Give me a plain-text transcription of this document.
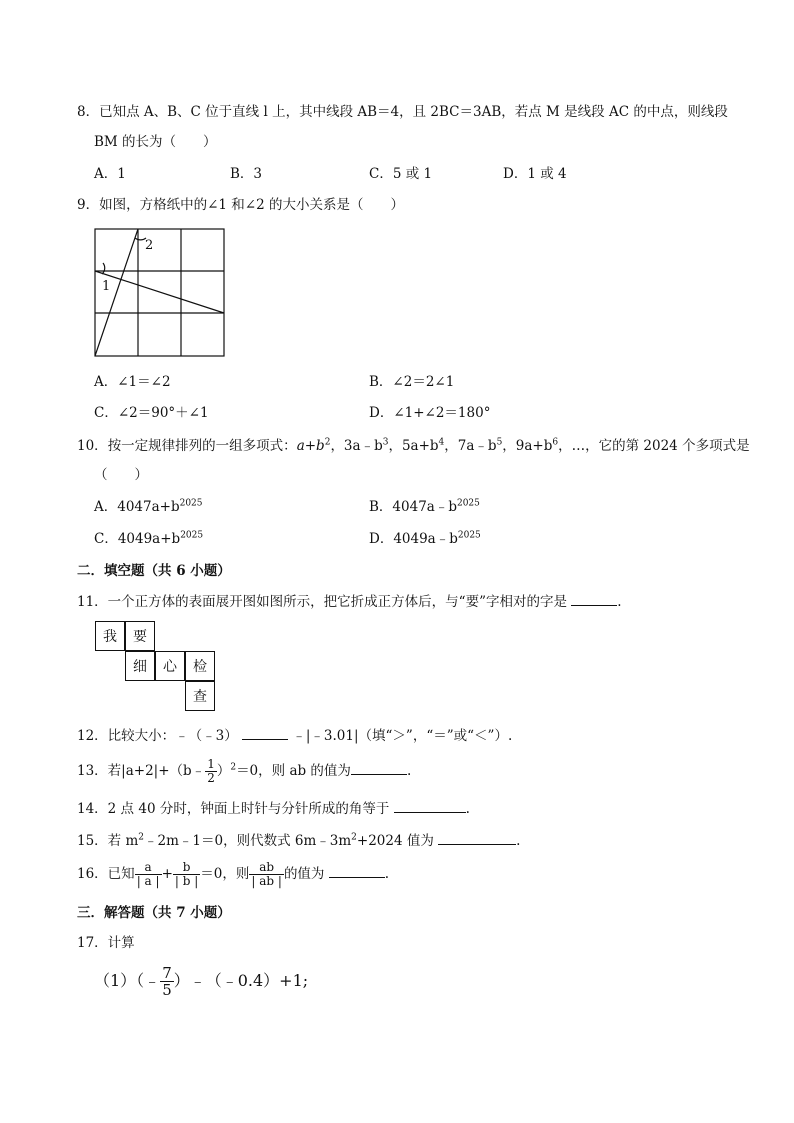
8．已知点 A、B、C 位于直线 l 上，其中线段 AB＝4，且 2BC＝3AB，若点 M 是线段 AC 的中点，则线段
BM 的长为（　　）
A．1	B．3	C．5 或 1	D．1 或 4
9．如图，方格纸中的∠1 和∠2 的大小关系是（　　）
2
1
A．∠1＝∠2	B．∠2＝2∠1
C．∠2＝90°＋∠1	D．∠1+∠2＝180°
10．按一定规律排列的一组多项式：$a+b^2$，$3a﹣b^3$，$5a+b^4$，$7a﹣b^5$，$9a+b^6$，…，它的第 2024 个多项式是
（　　）
A．$4047a+b^{2025}$	B．$4047a﹣b^{2025}$
C．$4049a+b^{2025}$	D．$4049a﹣b^{2025}$
二．填空题（共 6 小题）
11．一个正方体的表面展开图如图所示，把它折成正方体后，与“要”字相对的字是	.
我	要
细	心	检
查
12．比较大小：﹣（﹣3）	﹣|﹣3.01|（填“＞”，“＝”或“＜”）.
13．若|a+2|+（b﹣ $\frac{1}{2} )^2=0$，则 ab 的值为	.
14．2 点 40 分时，钟面上时针与分针所成的角等于	.
15．若 $m^2﹣2m﹣1=0$，则代数式 $6m﹣3m^2+2024$ 值为	.
16．已知 $\frac{a}{| a |} + \frac{b}{| b |} =0$，则 $\frac{ab}{| ab |}$ 的值为	.
三．解答题（共 7 小题）
17．计算
（1）（﹣ $\frac{7}{5}$ ）﹣（﹣0.4）+1;
